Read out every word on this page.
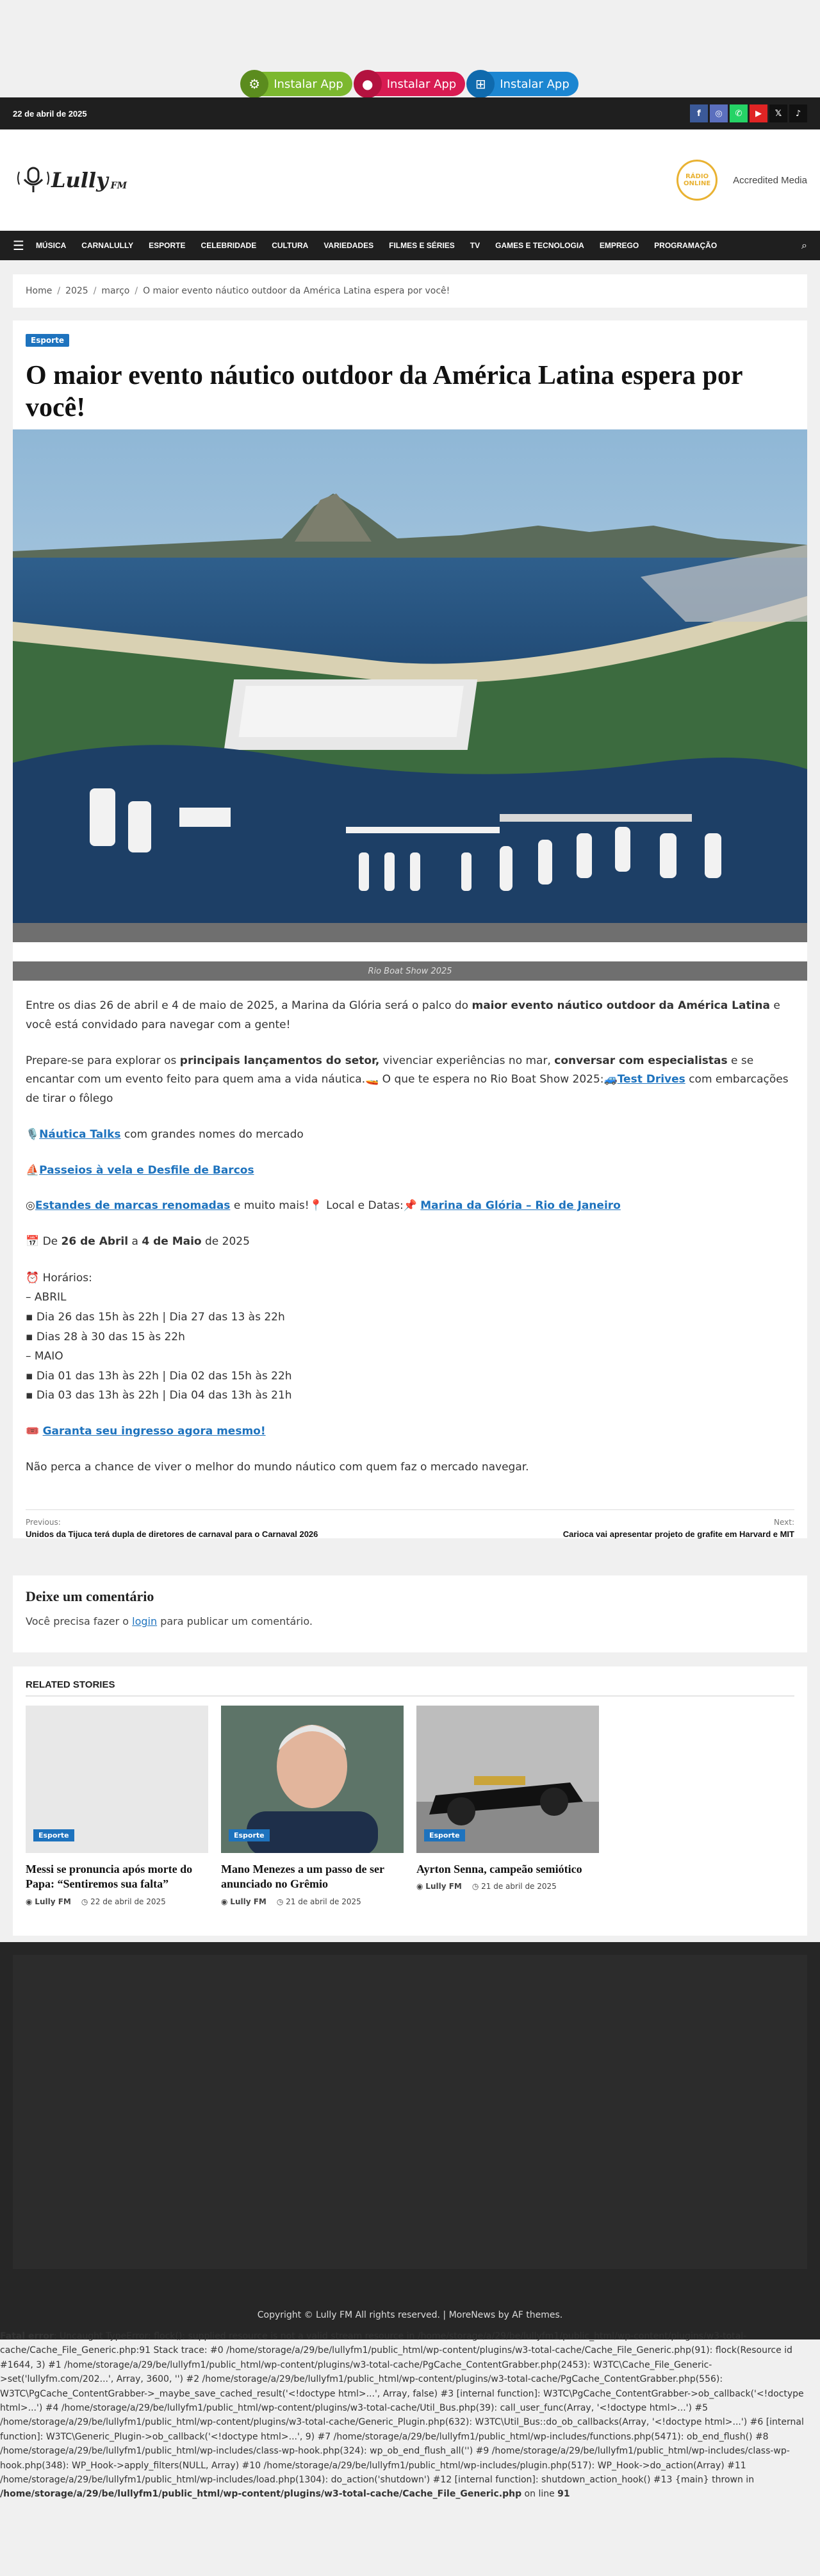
⚙	Instalar App	●	Instalar App	⊞	Instalar App
22 de abril de 2025	f	◎	✆	▶	𝕏	♪
Lully FM
RÁDIO ONLINE	Accredited Media
☰ MÚSICA CARNALULLY ESPORTE CELEBRIDADE CULTURA VARIEDADES FILMES E SÉRIES TV GAMES E TECNOLOGIA EMPREGO PROGRAMAÇÃO	⌕
Home / 2025 / março / O maior evento náutico outdoor da América Latina espera por você!
Esporte
O maior evento náutico outdoor da América Latina espera por você!
Rio Boat Show 2025

Entre os dias 26 de abril e 4 de maio de 2025, a Marina da Glória será o palco do maior evento náutico outdoor da América Latina e você está convidado para navegar com a gente!

Prepare-se para explorar os principais lançamentos do setor, vivenciar experiências no mar, conversar com especialistas e se encantar com um evento feito para quem ama a vida náutica.🚤 O que te espera no Rio Boat Show 2025:🚙Test Drives com embarcações de tirar o fôlego

🎙️Náutica Talks com grandes nomes do mercado

⛵Passeios à vela e Desfile de Barcos

◎Estandes de marcas renomadas e muito mais!📍 Local e Datas:📌 Marina da Glória – Rio de Janeiro

📅 De 26 de Abril a 4 de Maio de 2025

⏰ Horários:
– ABRIL
▪ Dia 26 das 15h às 22h | Dia 27 das 13 às 22h
▪ Dias 28 à 30 das 15 às 22h
– MAIO
▪ Dia 01 das 13h às 22h | Dia 02 das 15h às 22h
▪ Dia 03 das 13h às 22h | Dia 04 das 13h às 21h

🎟️ Garanta seu ingresso agora mesmo!

Não perca a chance de viver o melhor do mundo náutico com quem faz o mercado navegar.

Previous:
Unidos da Tijuca terá dupla de diretores de carnaval para o Carnaval 2026
Next:
Carioca vai apresentar projeto de grafite em Harvard e MIT
Deixe um comentário

Você precisa fazer o login para publicar um comentário.

RELATED STORIES
Esporte
Messi se pronuncia após morte do Papa: “Sentiremos sua falta”
◉ Lully FM ◷ 22 de abril de 2025
Esporte
Mano Menezes a um passo de ser anunciado no Grêmio
◉ Lully FM ◷ 21 de abril de 2025
Esporte
Ayrton Senna, campeão semiótico
◉ Lully FM ◷ 21 de abril de 2025
Copyright © Lully FM All rights reserved. | MoreNews by AF themes.
Fatal error: Uncaught TypeError: flock(): supplied resource is not a valid stream resource in /home/storage/a/29/be/lullyfm1/public_html/wp-content/plugins/w3-total-cache/Cache_File_Generic.php:91 Stack trace: #0 /home/storage/a/29/be/lullyfm1/public_html/wp-content/plugins/w3-total-cache/Cache_File_Generic.php(91): flock(Resource id #1644, 3) #1 /home/storage/a/29/be/lullyfm1/public_html/wp-content/plugins/w3-total-cache/PgCache_ContentGrabber.php(2453): W3TC\Cache_File_Generic->set('lullyfm.com/202...', Array, 3600, '') #2 /home/storage/a/29/be/lullyfm1/public_html/wp-content/plugins/w3-total-cache/PgCache_ContentGrabber.php(556): W3TC\PgCache_ContentGrabber->_maybe_save_cached_result('<!doctype html>...', Array, false) #3 [internal function]: W3TC\PgCache_ContentGrabber->ob_callback('<!doctype html>...') #4 /home/storage/a/29/be/lullyfm1/public_html/wp-content/plugins/w3-total-cache/Util_Bus.php(39): call_user_func(Array, '<!doctype html>...') #5 /home/storage/a/29/be/lullyfm1/public_html/wp-content/plugins/w3-total-cache/Generic_Plugin.php(632): W3TC\Util_Bus::do_ob_callbacks(Array, '<!doctype html>...') #6 [internal function]: W3TC\Generic_Plugin->ob_callback('<!doctype html>...', 9) #7 /home/storage/a/29/be/lullyfm1/public_html/wp-includes/functions.php(5471): ob_end_flush() #8 /home/storage/a/29/be/lullyfm1/public_html/wp-includes/class-wp-hook.php(324): wp_ob_end_flush_all('') #9 /home/storage/a/29/be/lullyfm1/public_html/wp-includes/class-wp-hook.php(348): WP_Hook->apply_filters(NULL, Array) #10 /home/storage/a/29/be/lullyfm1/public_html/wp-includes/plugin.php(517): WP_Hook->do_action(Array) #11 /home/storage/a/29/be/lullyfm1/public_html/wp-includes/load.php(1304): do_action('shutdown') #12 [internal function]: shutdown_action_hook() #13 {main} thrown in /home/storage/a/29/be/lullyfm1/public_html/wp-content/plugins/w3-total-cache/Cache_File_Generic.php on line 91
